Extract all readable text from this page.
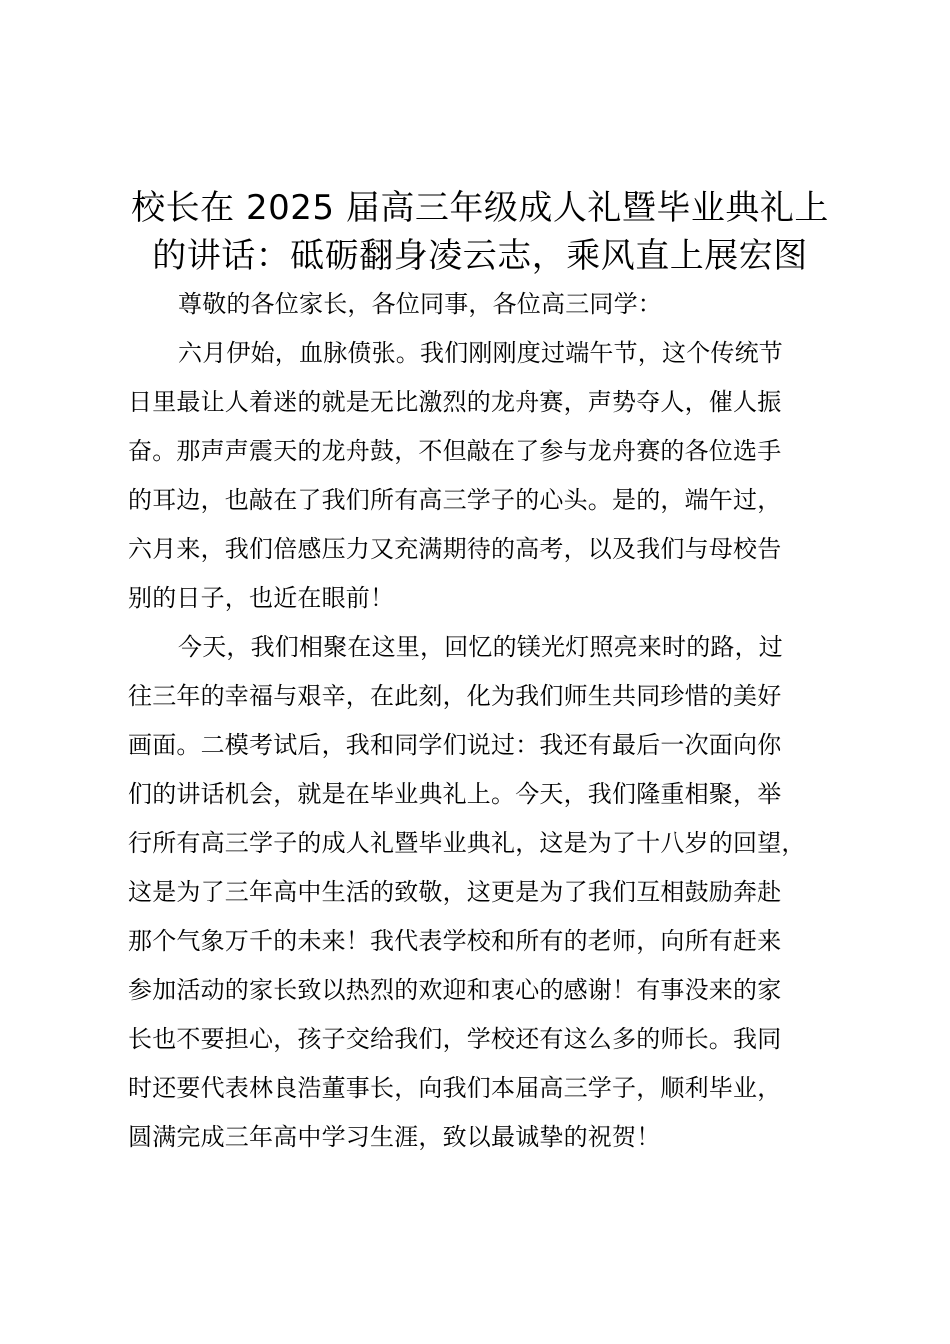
校长在 2025 届高三年级成人礼暨毕业典礼上
的讲话：砥砺翻身凌云志，乘风直上展宏图

尊敬的各位家长，各位同事，各位高三同学：

六月伊始，血脉偾张。我们刚刚度过端午节，这个传统节
日里最让人着迷的就是无比激烈的龙舟赛，声势夺人，催人振
奋。那声声震天的龙舟鼓，不但敲在了参与龙舟赛的各位选手
的耳边，也敲在了我们所有高三学子的心头。是的，端午过，
六月来，我们倍感压力又充满期待的高考，以及我们与母校告
别的日子，也近在眼前！

今天，我们相聚在这里，回忆的镁光灯照亮来时的路，过
往三年的幸福与艰辛，在此刻，化为我们师生共同珍惜的美好
画面。二模考试后，我和同学们说过：我还有最后一次面向你
们的讲话机会，就是在毕业典礼上。今天，我们隆重相聚，举
行所有高三学子的成人礼暨毕业典礼，这是为了十八岁的回望，
这是为了三年高中生活的致敬，这更是为了我们互相鼓励奔赴
那个气象万千的未来！我代表学校和所有的老师，向所有赶来
参加活动的家长致以热烈的欢迎和衷心的感谢！有事没来的家
长也不要担心，孩子交给我们，学校还有这么多的师长。我同
时还要代表林良浩董事长，向我们本届高三学子，顺利毕业，
圆满完成三年高中学习生涯，致以最诚挚的祝贺！
